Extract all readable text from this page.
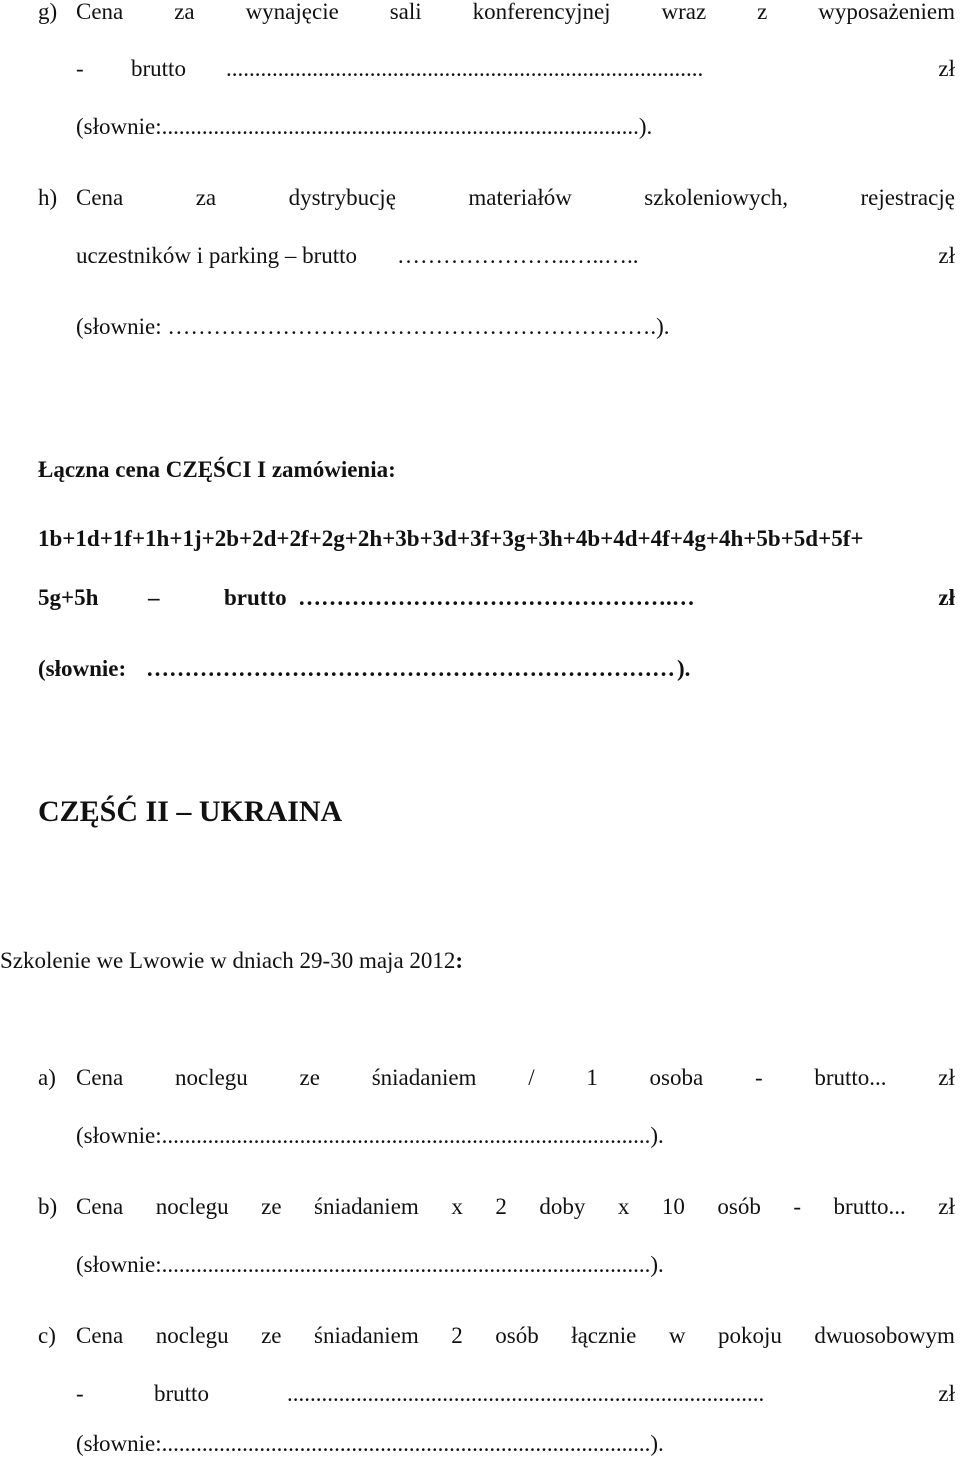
g) Cena za wynajęcie sali konferencyjnej wraz z wyposażeniem
- brutto ...................................................................................	zł
(słownie:...................................................................................).
h) Cena	za	dystrybucję	materiałów	szkoleniowych,	rejestrację
uczestników i parking – brutto …………………..…..…..	zł
(słownie: ……………………………………………………….).
Łączna cena CZĘŚCI I zamówienia:
1b+1d+1f+1h+1j+2b+2d+2f+2g+2h+3b+3d+3f+3g+3h+4b+4d+4f+4g+4h+5b+5d+5f+
5g+5h –	brutto ………………………………………….…	zł
(słownie: …………………………………………………………… ).
CZĘŚĆ II – UKRAINA
Szkolenie we Lwowie w dniach 29-30 maja 2012:
a) Cena noclegu ze śniadaniem / 1 osoba - brutto... zł
(słownie:.....................................................................................).
b) Cena noclegu ze śniadaniem x 2 doby x 10 osób - brutto... zł
(słownie:.....................................................................................).
c) Cena noclegu ze śniadaniem 2 osób łącznie w pokoju dwuosobowym
-	brutto	...................................................................................	zł
(słownie:.....................................................................................).
